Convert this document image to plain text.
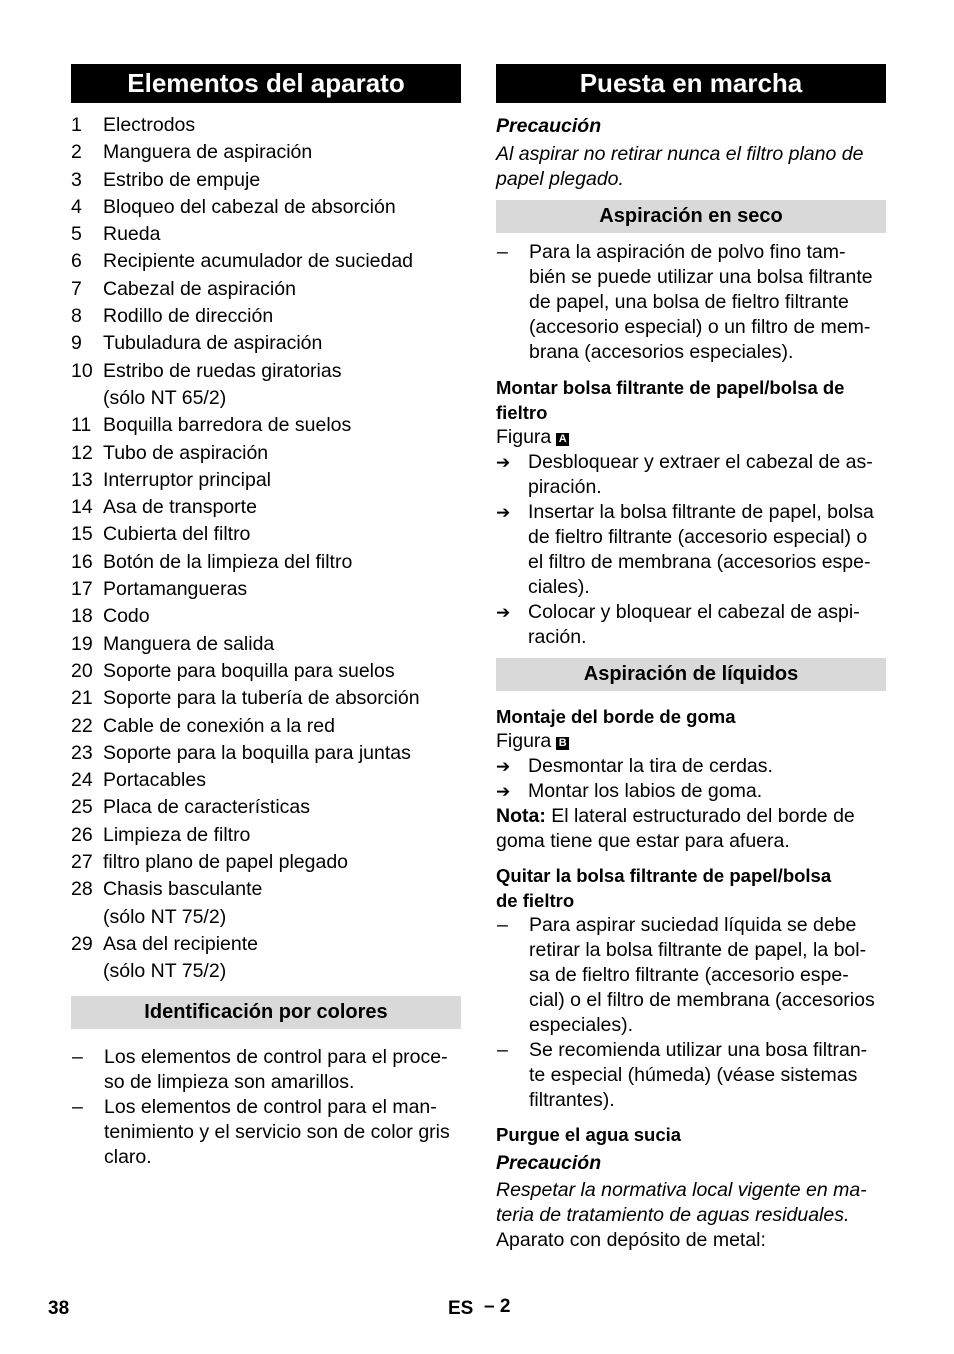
Elementos del aparato
1	Electrodos
2	Manguera de aspiración
3	Estribo de empuje
4	Bloqueo del cabezal de absorción
5	Rueda
6	Recipiente acumulador de suciedad
7	Cabezal de aspiración
8	Rodillo de dirección
9	Tubuladura de aspiración
10 Estribo de ruedas giratorias
(sólo NT 65/2)
11 Boquilla barredora de suelos
12 Tubo de aspiración
13 Interruptor principal
14 Asa de transporte
15 Cubierta del filtro
16 Botón de la limpieza del filtro
17 Portamangueras
18 Codo
19 Manguera de salida
20 Soporte para boquilla para suelos
21 Soporte para la tubería de absorción
22 Cable de conexión a la red
23 Soporte para la boquilla para juntas
24 Portacables
25 Placa de características
26 Limpieza de filtro
27 filtro plano de papel plegado
28 Chasis basculante
(sólo NT 75/2)
29 Asa del recipiente
(sólo NT 75/2)
Identificación por colores
–	Los elementos de control para el proce-
so de limpieza son amarillos.
–	Los elementos de control para el man-
tenimiento y el servicio son de color gris
claro.
Puesta en marcha
Precaución
Al aspirar no retirar nunca el filtro plano de
papel plegado.
Aspiración en seco
–	Para la aspiración de polvo fino tam-
bién se puede utilizar una bolsa filtrante
de papel, una bolsa de fieltro filtrante
(accesorio especial) o un filtro de mem-
brana (accesorios especiales).
Montar bolsa filtrante de papel/bolsa de
fieltro
Figura A
➔ Desbloquear y extraer el cabezal de as-
piración.
➔ Insertar la bolsa filtrante de papel, bolsa
de fieltro filtrante (accesorio especial) o
el filtro de membrana (accesorios espe-
ciales).
➔ Colocar y bloquear el cabezal de aspi-
ración.
Aspiración de líquidos
Montaje del borde de goma
Figura B
➔ Desmontar la tira de cerdas.
➔ Montar los labios de goma.
Nota: El lateral estructurado del borde de
goma tiene que estar para afuera.
Quitar la bolsa filtrante de papel/bolsa
de fieltro
–	Para aspirar suciedad líquida se debe
retirar la bolsa filtrante de papel, la bol-
sa de fieltro filtrante (accesorio espe-
cial) o el filtro de membrana (accesorios
especiales).
–	Se recomienda utilizar una bosa filtran-
te especial (húmeda) (véase sistemas
filtrantes).
Purgue el agua sucia
Precaución
Respetar la normativa local vigente en ma-
teria de tratamiento de aguas residuales.
Aparato con depósito de metal:
38	ES – 2
